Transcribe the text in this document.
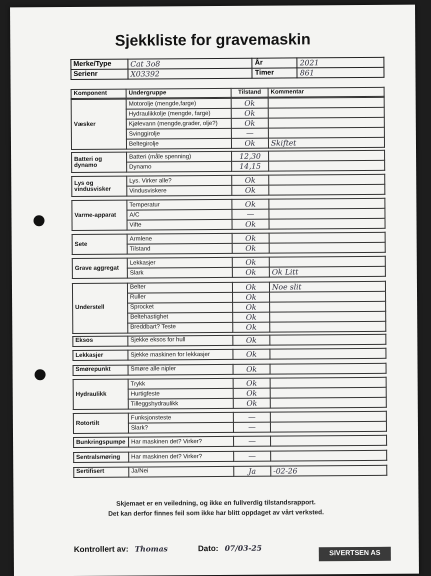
Sjekkliste for gravemaskin
Merke/Type	Cat 3o8	År	2021
Serienr	X03392	Timer	861
Komponent	Undergruppe	Tilstand	Kommentar
Væsker	Motorolje (mengde,farge)	Ok	
	Hydraulikkolje (mengde, farge)	Ok	
	Kjølevann (mengde,grader, olje?)	Ok	
	Svinggirolje	—	
	Beltegirolje	Ok	Skiftet
Batteri og dynamo	Batteri (måle spenning)	12,30	
	Dynamo	14,15	
Lys og vindusvisker	Lys. Virker alle?	Ok	
	Vindusviskere	Ok	
Varme-apparat	Temperatur	Ok	
	A/C	—	
	Vifte	Ok	
Sete	Armlene	Ok	
	Tilstand	Ok	
Grave aggregat	Lekkasjer	Ok	
	Slark	Ok	Ok Litt
Understell	Belter	Ok	Noe slit
	Ruller	Ok	
	Sprocket	Ok	
	Beltehastighet	Ok	
	Breddbart? Teste	Ok	
Eksos	Sjekke eksos for hull	Ok	
Lekkasjer	Sjekke maskinen for lekkasjer	Ok	
Smørepunkt	Smøre alle nipler	Ok	
Hydraulikk	Trykk	Ok	
	Hurtigfeste	Ok	
	Tilleggshydraulikk	Ok	
Rotortilt	Funksjonsteste	—	
	Slark?	—	
Bunkringspumpe	Har maskinen det? Virker?	—	
Sentralsmøring	Har maskinen det? Virker?	—	
Sertifisert	Ja/Nei	Ja	-02-26
Skjemaet er en veiledning, og ikke en fullverdig tilstandsrapport.
Det kan derfor finnes feil som ikke har blitt oppdaget av vårt verksted.
Kontrollert av: Thomas	Dato: 07/03-25
SIVERTSEN AS
